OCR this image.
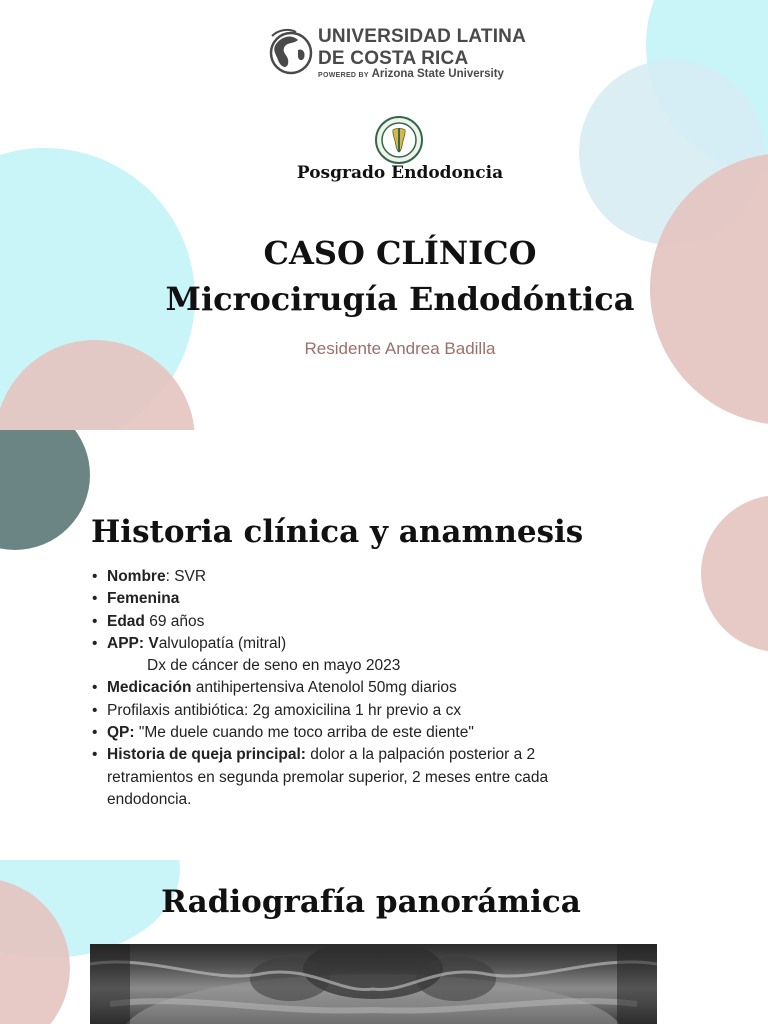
UNIVERSIDAD LATINA
DE COSTA RICA
POWERED BY Arizona State University
Posgrado Endodoncia
CASO CLÍNICO
Microcirugía Endodóntica
Residente Andrea Badilla
Historia clínica y anamnesis
• Nombre: SVR
• Femenina
• Edad 69 años
• APP: Valvulopatía (mitral)
Dx de cáncer de seno en mayo 2023
• Medicación antihipertensiva Atenolol 50mg diarios
• Profilaxis antibiótica: 2g amoxicilina 1 hr previo a cx
• QP: "Me duele cuando me toco arriba de este diente"
• Historia de queja principal: dolor a la palpación posterior a 2 retramientos en segunda premolar superior, 2 meses entre cada endodoncia.
Radiografía panorámica
